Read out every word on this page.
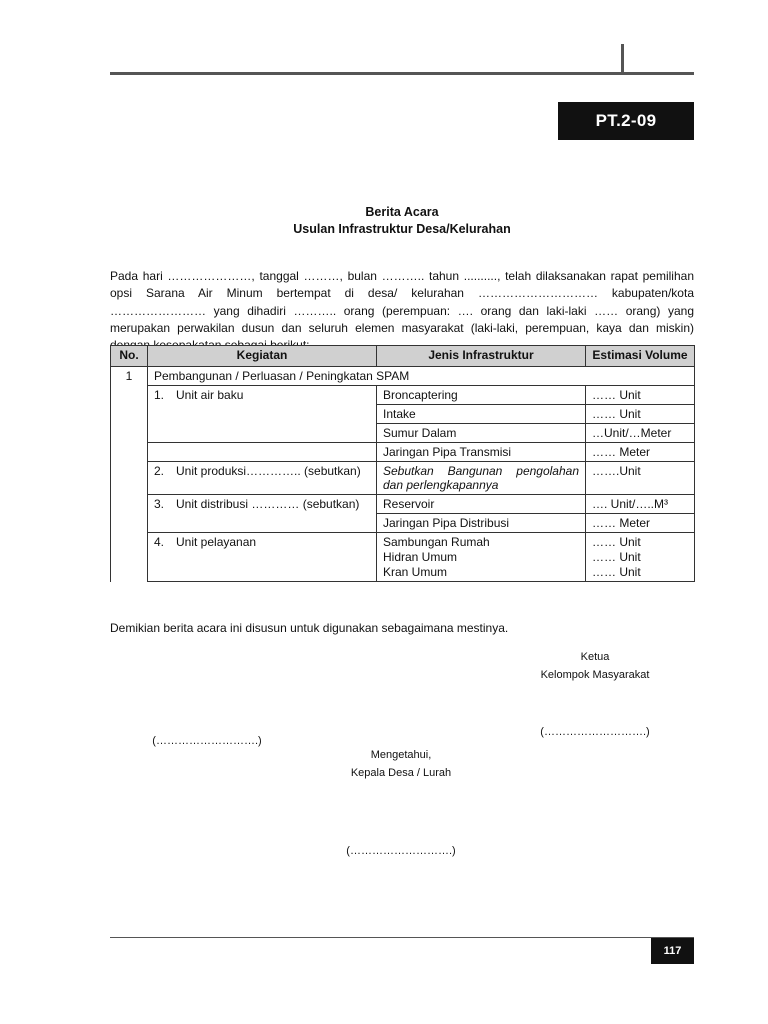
PT.2-09
Berita Acara
Usulan Infrastruktur Desa/Kelurahan
Pada hari …………………, tanggal ………, bulan ……….. tahun .........., telah dilaksanakan rapat pemilihan opsi Sarana Air Minum bertempat di desa/ kelurahan ………………………… kabupaten/kota …………………… yang dihadiri ……….. orang (perempuan: …. orang dan laki-laki …… orang) yang merupakan perwakilan dusun dan seluruh elemen masyarakat (laki-laki, perempuan, kaya dan miskin)
No.	Kegiatan	Jenis Infrastruktur	Estimasi Volume
1	Pembangunan / Perluasan / Peningkatan SPAM		

	1. Unit air baku	Broncaptering	…… Unit
		Intake	…… Unit
		Sumur Dalam	…Unit/…Meter
		Jaringan Pipa Transmisi	…… Meter

	2. Unit produksi………….. (sebutkan)	Sebutkan Bangunan pengolahan dan perlengkapannya	…….Unit

	3. Unit distribusi ………… (sebutkan)	Reservoir	…. Unit/…..M³
		Jaringan Pipa Distribusi	…… Meter

	4. Unit pelayanan	Sambungan Rumah	…… Unit
		Hidran Umum	…… Unit
		Kran Umum	…… Unit
Demikian berita acara ini disusun untuk digunakan sebagaimana mestinya.
Ketua
Kelompok Masyarakat
(……………………….)
(……………………….)
Mengetahui,
Kepala Desa / Lurah
(……………………….)
117
